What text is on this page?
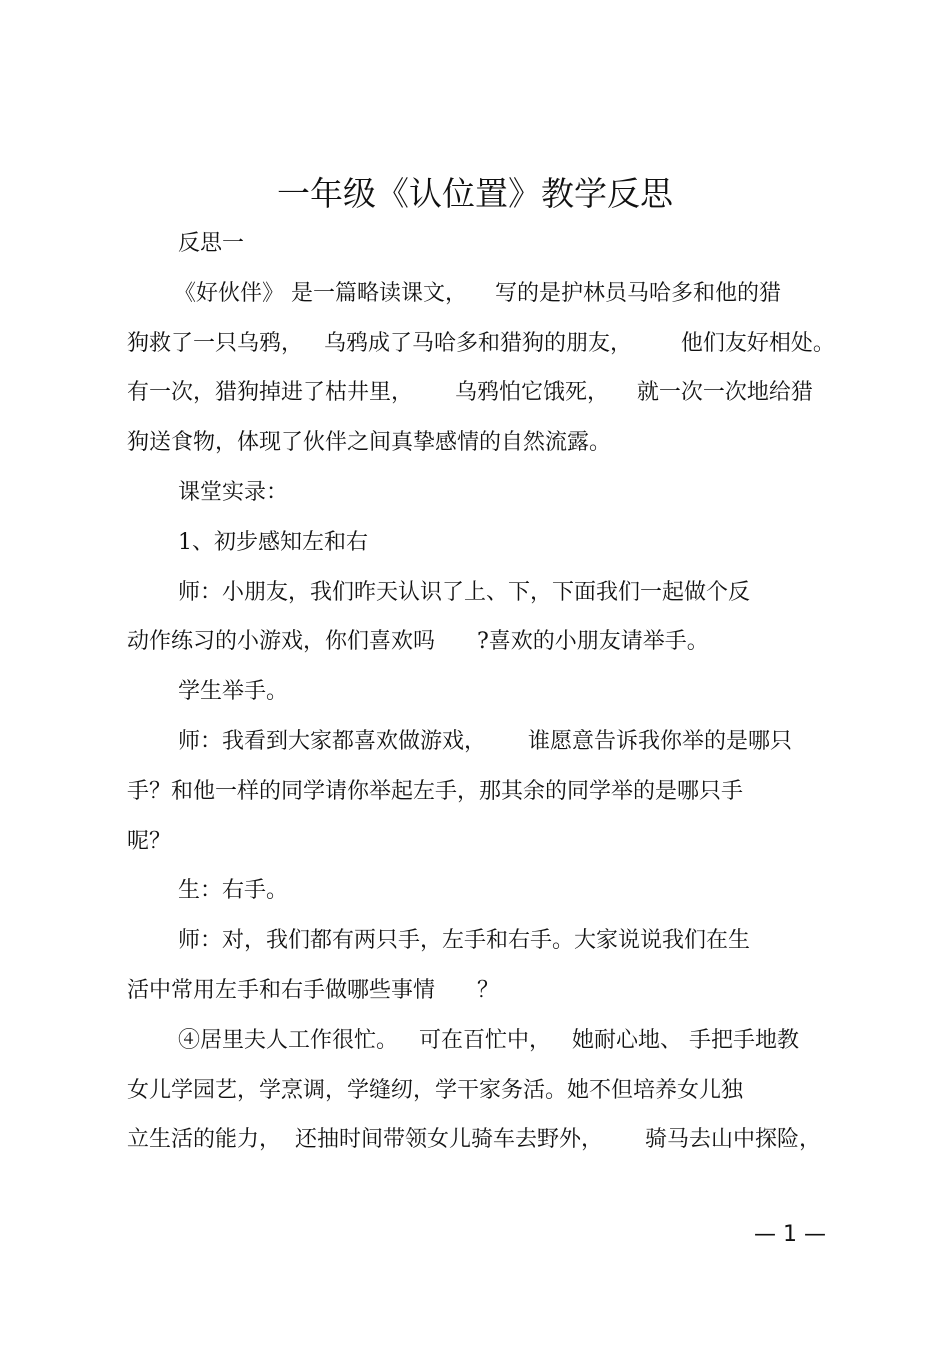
一年级《认位置》教学反思
反思一
《好伙伴》 是一篇略读课文，    写的是护林员马哈多和他的猎
狗救了一只乌鸦，   乌鸦成了马哈多和猎狗的朋友，       他们友好相处。
有一次，猎狗掉进了枯井里，      乌鸦怕它饿死，    就一次一次地给猎
狗送食物，体现了伙伴之间真挚感情的自然流露。
课堂实录：
1、初步感知左和右
师：小朋友，我们昨天认识了上、下，下面我们一起做个反
动作练习的小游戏，你们喜欢吗      ?喜欢的小朋友请举手。
学生举手。
师：我看到大家都喜欢做游戏，      谁愿意告诉我你举的是哪只
手？和他一样的同学请你举起左手，那其余的同学举的是哪只手
呢？
生：右手。
师：对，我们都有两只手，左手和右手。大家说说我们在生
活中常用左手和右手做哪些事情      ？
④居里夫人工作很忙。   可在百忙中，   她耐心地、 手把手地教
女儿学园艺，学烹调，学缝纫，学干家务活。她不但培养女儿独
立生活的能力，  还抽时间带领女儿骑车去野外，      骑马去山中探险，
— 1 —
